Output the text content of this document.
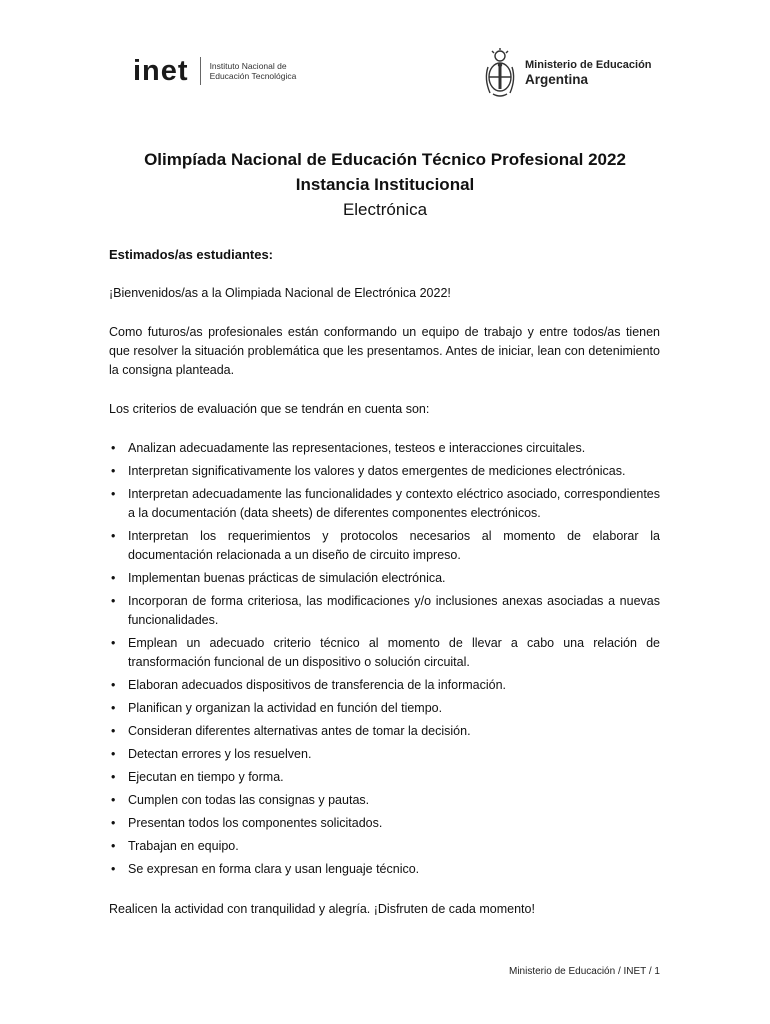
inet Instituto Nacional de
Educación Tecnológica
Ministerio de Educación
Argentina
Olimpíada Nacional de Educación Técnico Profesional 2022
Instancia Institucional
Electrónica

Estimados/as estudiantes:

¡Bienvenidos/as a la Olimpiada Nacional de Electrónica 2022!

Como futuros/as profesionales están conformando un equipo de trabajo y entre todos/as tienen que resolver la situación problemática que les presentamos. Antes de iniciar, lean con detenimiento la consigna planteada.

Los criterios de evaluación que se tendrán en cuenta son:

• Analizan adecuadamente las representaciones, testeos e interacciones circuitales.
• Interpretan significativamente los valores y datos emergentes de mediciones electrónicas.
• Interpretan adecuadamente las funcionalidades y contexto eléctrico asociado, correspondientes a la documentación (data sheets) de diferentes componentes electrónicos.
• Interpretan los requerimientos y protocolos necesarios al momento de elaborar la documentación relacionada a un diseño de circuito impreso.
• Implementan buenas prácticas de simulación electrónica.
• Incorporan de forma criteriosa, las modificaciones y/o inclusiones anexas asociadas a nuevas funcionalidades.
• Emplean un adecuado criterio técnico al momento de llevar a cabo una relación de transformación funcional de un dispositivo o solución circuital.
• Elaboran adecuados dispositivos de transferencia de la información.
• Planifican y organizan la actividad en función del tiempo.
• Consideran diferentes alternativas antes de tomar la decisión.
• Detectan errores y los resuelven.
• Ejecutan en tiempo y forma.
• Cumplen con todas las consignas y pautas.
• Presentan todos los componentes solicitados.
• Trabajan en equipo.
• Se expresan en forma clara y usan lenguaje técnico.

Realicen la actividad con tranquilidad y alegría. ¡Disfruten de cada momento!

Ministerio de Educación / INET / 1
